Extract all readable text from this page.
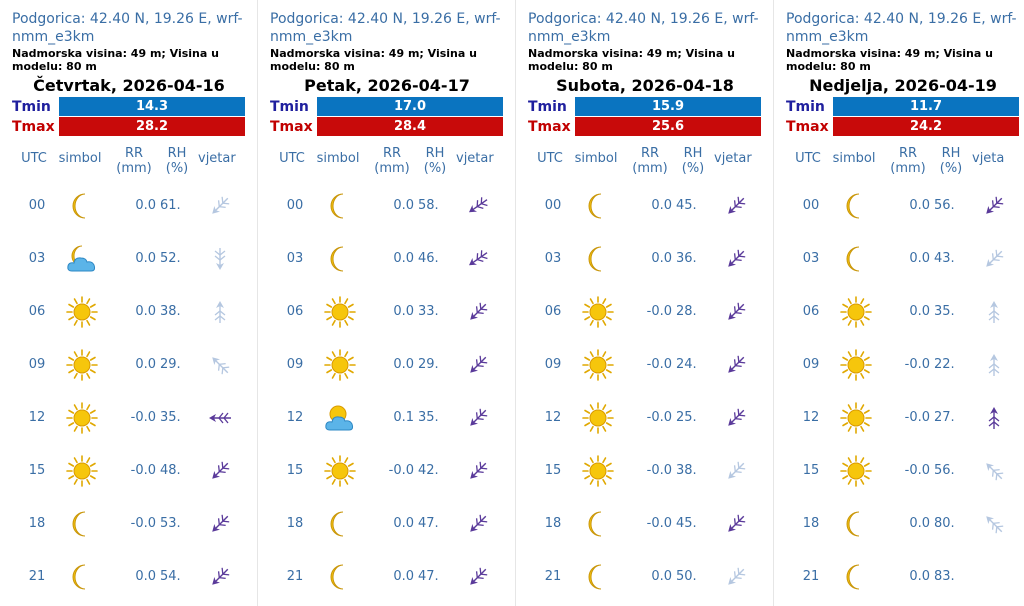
Podgorica: 42.40 N, 19.26 E, wrf-nmm_e3km
Nadmorska visina: 49 m; Visina u modelu: 80 m
Četvrtak, 2026-04-16
Tmin	14.3
Tmax	28.2
UTC simbol	RR
(mm)
RH
(%)
vjetar
00	0.0 61.
03	0.0 52.
06	0.0 38.
09	0.0 29.
12	-0.0 35.
15	-0.0 48.
18	-0.0 53.
21	0.0 54.
Podgorica: 42.40 N, 19.26 E, wrf-nmm_e3km
Nadmorska visina: 49 m; Visina u modelu: 80 m
Petak, 2026-04-17
Tmin	17.0
Tmax	28.4
UTC simbol	RR
(mm)
RH
(%)
vjetar
00	0.0 58.
03	0.0 46.
06	0.0 33.
09	0.0 29.
12	0.1 35.
15	-0.0 42.
18	0.0 47.
21	0.0 47.
Podgorica: 42.40 N, 19.26 E, wrf-nmm_e3km
Nadmorska visina: 49 m; Visina u modelu: 80 m
Subota, 2026-04-18
Tmin	15.9
Tmax	25.6
UTC simbol	RR
(mm)
RH
(%)
vjetar
00	0.0 45.
03	0.0 36.
06	-0.0 28.
09	-0.0 24.
12	-0.0 25.
15	-0.0 38.
18	-0.0 45.
21	0.0 50.
Podgorica: 42.40 N, 19.26 E, wrf-nmm_e3km
Nadmorska visina: 49 m; Visina u modelu: 80 m
Nedjelja, 2026-04-19
Tmin	11.7
Tmax	24.2
UTC simbol	RR
(mm)
RH
(%)
vjeta
00	0.0 56.
03	0.0 43.
06	0.0 35.
09	-0.0 22.
12	-0.0 27.
15	-0.0 56.
18	0.0 80.
21	0.0 83.
